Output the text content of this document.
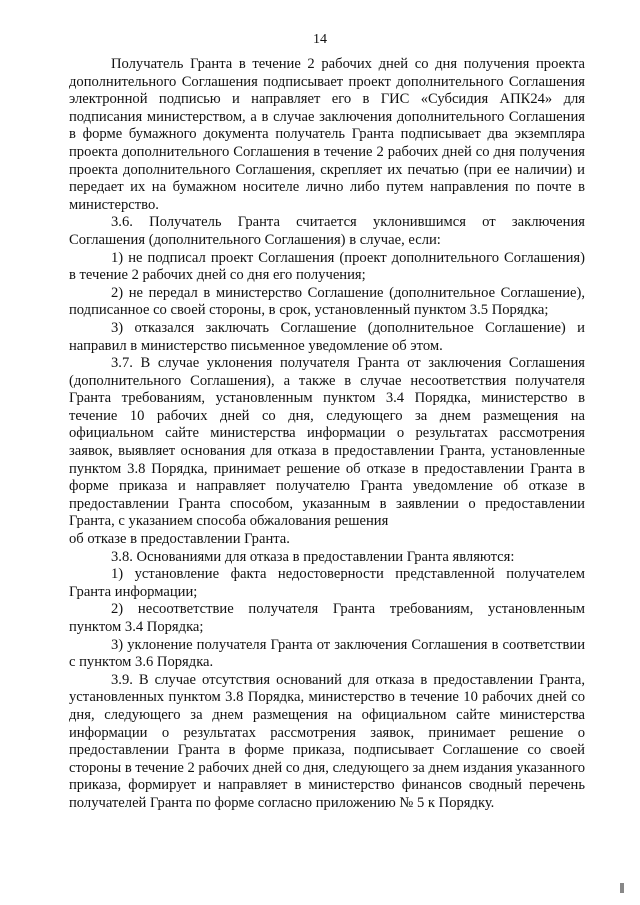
14

Получатель Гранта в течение 2 рабочих дней со дня получения проекта дополнительного Соглашения подписывает проект дополнительного Соглашения электронной подписью и направляет его в ГИС «Субсидия АПК24» для подписания министерством, а в случае заключения дополнительного Соглашения в форме бумажного документа получатель Гранта подписывает два экземпляра проекта дополнительного Соглашения в течение 2 рабочих дней со дня получения проекта дополнительного Соглашения, скрепляет их печатью (при ее наличии) и передает их на бумажном носителе лично либо путем направления по почте в министерство.

3.6. Получатель Гранта считается уклонившимся от заключения Соглашения (дополнительного Соглашения) в случае, если:

1) не подписал проект Соглашения (проект дополнительного Соглашения) в течение 2 рабочих дней со дня его получения;

2) не передал в министерство Соглашение (дополнительное Соглашение), подписанное со своей стороны, в срок, установленный пунктом 3.5 Порядка;

3) отказался заключать Соглашение (дополнительное Соглашение) и направил в министерство письменное уведомление об этом.

3.7. В случае уклонения получателя Гранта от заключения Соглашения (дополнительного Соглашения), а также в случае несоответствия получателя Гранта требованиям, установленным пунктом 3.4 Порядка, министерство в течение 10 рабочих дней со дня, следующего за днем размещения на официальном сайте министерства информации о результатах рассмотрения заявок, выявляет основания для отказа в предоставлении Гранта, установленные пунктом 3.8 Порядка, принимает решение об отказе в предоставлении Гранта в форме приказа и направляет получателю Гранта уведомление об отказе в предоставлении Гранта способом, указанным в заявлении о предоставлении Гранта, с указанием способа обжалования решения

об отказе в предоставлении Гранта.

3.8. Основаниями для отказа в предоставлении Гранта являются:

1) установление факта недостоверности представленной получателем Гранта информации;

2) несоответствие получателя Гранта требованиям, установленным пунктом 3.4 Порядка;

3) уклонение получателя Гранта от заключения Соглашения в соответствии с пунктом 3.6 Порядка.

3.9. В случае отсутствия оснований для отказа в предоставлении Гранта, установленных пунктом 3.8 Порядка, министерство в течение 10 рабочих дней со дня, следующего за днем размещения на официальном сайте министерства информации о результатах рассмотрения заявок, принимает решение о предоставлении Гранта в форме приказа, подписывает Соглашение со своей стороны в течение 2 рабочих дней со дня, следующего за днем издания указанного приказа, формирует и направляет в министерство финансов сводный перечень получателей Гранта по форме согласно приложению № 5 к Порядку.
